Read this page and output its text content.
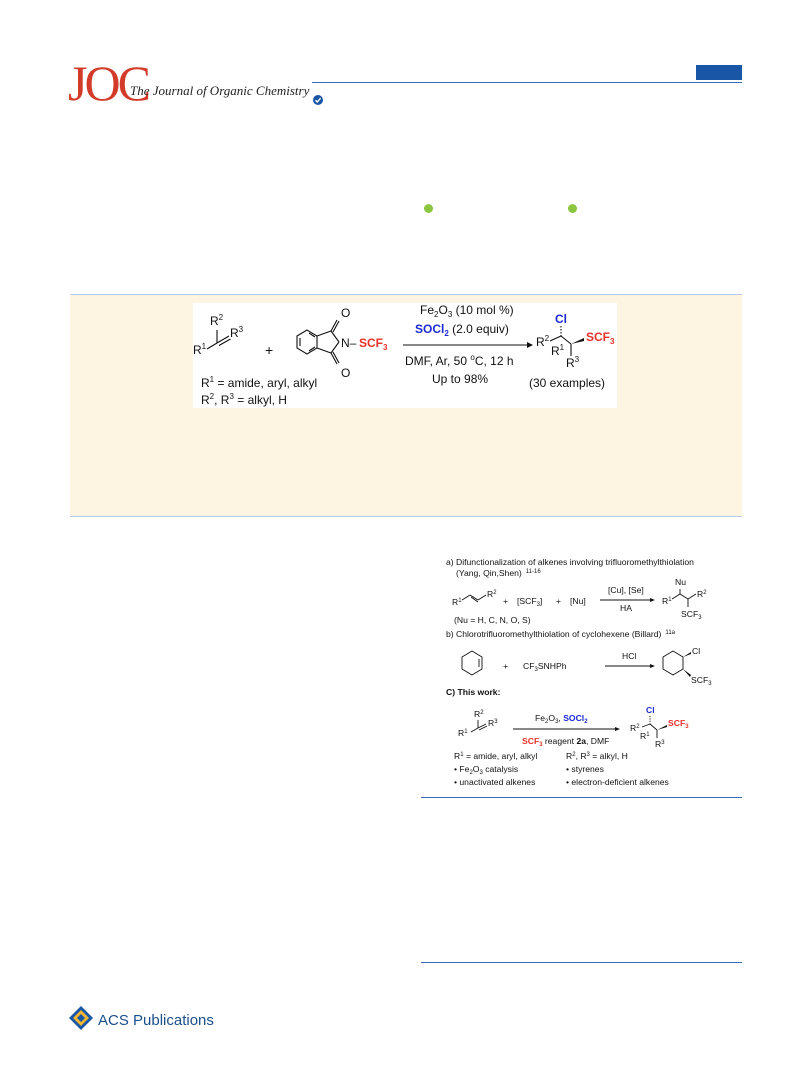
JOC
The Journal of Organic Chemistry
$R^2$
$R^3$
$R^1$	+
O
O
N– $SCF_3$
$Fe_2O_3$ (10 mol %)
SOCl$_2$ (2.0 equiv)
DMF, Ar, 50 $^o$C, 12 h
Up to 98%
Cl
$SCF_3$
$R^2$
$R^1$
$R^3$
$R^1$ = amide, aryl, alkyl
$R^2$, $R^3$ = alkyl, H
(30 examples)
a) Difunctionalization of alkenes involving trifluoromethylthiolation
(Yang, Qin,Shen) $^{11-16}$
$R^1$
$R^2$
+ $[SCF_3] + [Nu]$
[Cu], [Se]
HA
(Nu = H, C, N, O, S)
$R^1$
Nu
$R^2$
$SCF_3$
b) Chlorotrifluoromethylthiolation of cyclohexene (Billard) $^{11a}$
+ $CF_3SNHPh$
HCl	Cl
$SCF_3$
C) This work:
$R^2$
$R^3$
$R^1$
$Fe_2O_3$, SOCl$_2$
$SCF_3$ reagent 2a, DMF
Cl
$SCF_3$
$R^2$
$R^1$
$R^3$
$R^1$ = amide, aryl, alkyl	$R^2$, $R^3$ = alkyl, H
• $Fe_2O_3$ catalysis	• styrenes
• unactivated alkenes	• electron-deficient alkenes
ACS Publications
